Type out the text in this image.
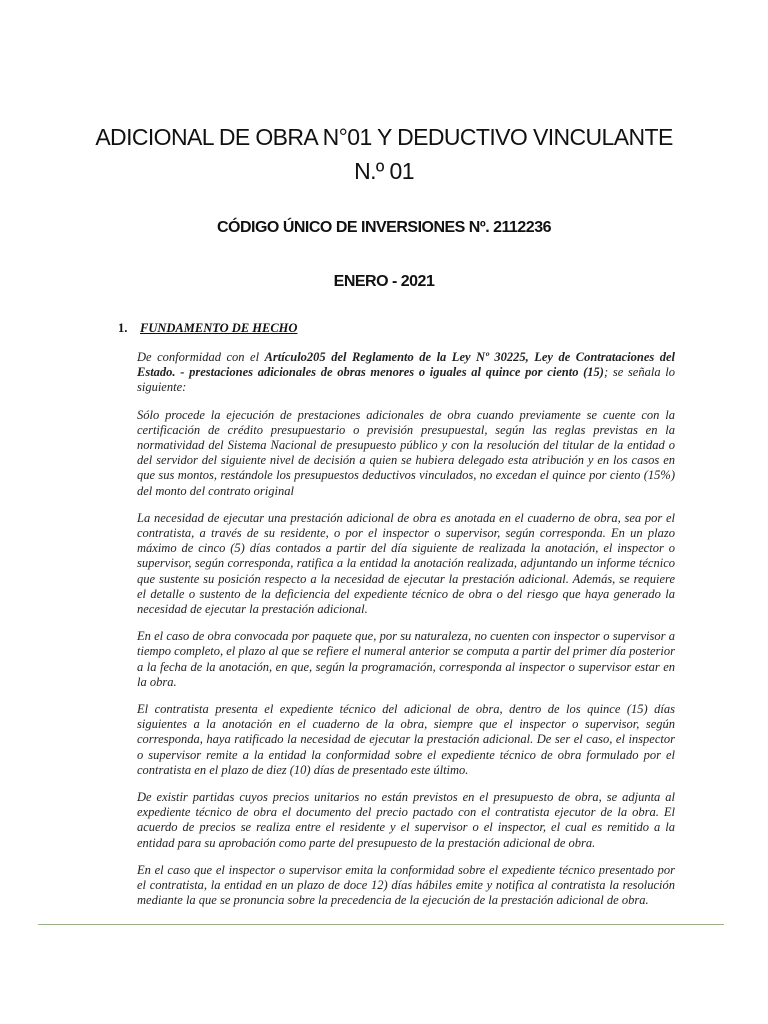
ADICIONAL DE OBRA N°01 Y DEDUCTIVO VINCULANTE
N.º 01
CÓDIGO ÚNICO DE INVERSIONES Nº. 2112236
ENERO - 2021
1. FUNDAMENTO DE HECHO

De conformidad con el Artículo205 del Reglamento de la Ley Nº 30225, Ley de Contrataciones del Estado. - prestaciones adicionales de obras menores o iguales al quince por ciento (15); se señala lo siguiente:

Sólo procede la ejecución de prestaciones adicionales de obra cuando previamente se cuente con la certificación de crédito presupuestario o previsión presupuestal, según las reglas previstas en la normatividad del Sistema Nacional de presupuesto público y con la resolución del titular de la entidad o del servidor del siguiente nivel de decisión a quien se hubiera delegado esta atribución y en los casos en que sus montos, restándole los presupuestos deductivos vinculados, no excedan el quince por ciento (15%) del monto del contrato original

La necesidad de ejecutar una prestación adicional de obra es anotada en el cuaderno de obra, sea por el contratista, a través de su residente, o por el inspector o supervisor, según corresponda. En un plazo máximo de cinco (5) días contados a partir del día siguiente de realizada la anotación, el inspector o supervisor, según corresponda, ratifica a la entidad la anotación realizada, adjuntando un informe técnico que sustente su posición respecto a la necesidad de ejecutar la prestación adicional. Además, se requiere el detalle o sustento de la deficiencia del expediente técnico de obra o del riesgo que haya generado la necesidad de ejecutar la prestación adicional.

En el caso de obra convocada por paquete que, por su naturaleza, no cuenten con inspector o supervisor a tiempo completo, el plazo al que se refiere el numeral anterior se computa a partir del primer día posterior a la fecha de la anotación, en que, según la programación, corresponda al inspector o supervisor estar en la obra.

El contratista presenta el expediente técnico del adicional de obra, dentro de los quince (15) días siguientes a la anotación en el cuaderno de la obra, siempre que el inspector o supervisor, según corresponda, haya ratificado la necesidad de ejecutar la prestación adicional. De ser el caso, el inspector o supervisor remite a la entidad la conformidad sobre el expediente técnico de obra formulado por el contratista en el plazo de diez (10) días de presentado este último.

De existir partidas cuyos precios unitarios no están previstos en el presupuesto de obra, se adjunta al expediente técnico de obra el documento del precio pactado con el contratista ejecutor de la obra. El acuerdo de precios se realiza entre el residente y el supervisor o el inspector, el cual es remitido a la entidad para su aprobación como parte del presupuesto de la prestación adicional de obra.

En el caso que el inspector o supervisor emita la conformidad sobre el expediente técnico presentado por el contratista, la entidad en un plazo de doce 12) días hábiles emite y notifica al contratista la resolución mediante la que se pronuncia sobre la precedencia de la ejecución de la prestación adicional de obra.
